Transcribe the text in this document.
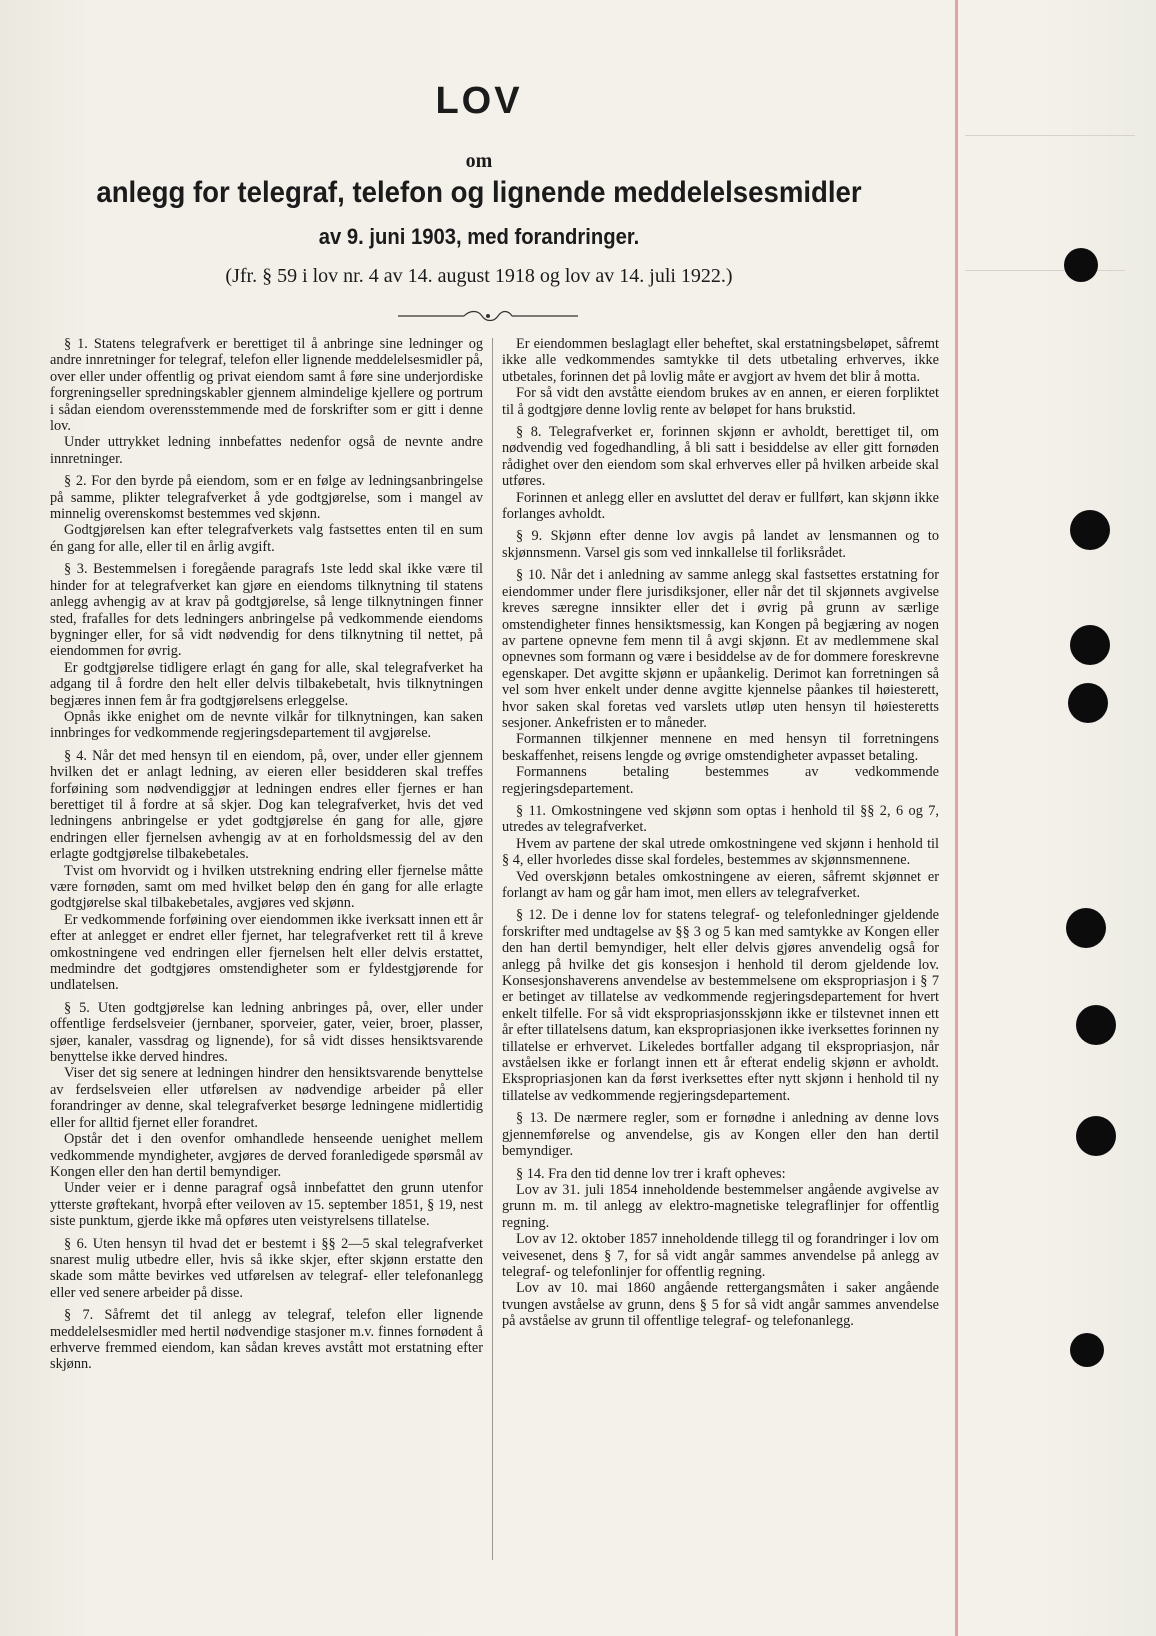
LOV
om
anlegg for telegraf, telefon og lignende meddelelsesmidler
av 9. juni 1903, med forandringer.
(Jfr. § 59 i lov nr. 4 av 14. august 1918 og lov av 14. juli 1922.)

§ 1. Statens telegrafverk er berettiget til å anbringe sine ledninger og andre innretninger for telegraf, telefon eller lignende meddelelsesmidler på, over eller under offentlig og privat eiendom samt å føre sine underjordiske forgreningseller spredningskabler gjennem almindelige kjellere og portrum i sådan eiendom overensstemmende med de forskrifter som er gitt i denne lov.

Under uttrykket ledning innbefattes nedenfor også de nevnte andre innretninger.

§ 2. For den byrde på eiendom, som er en følge av ledningsanbringelse på samme, plikter telegrafverket å yde godtgjørelse, som i mangel av minnelig overenskomst bestemmes ved skjønn.

Godtgjørelsen kan efter telegrafverkets valg fastsettes enten til en sum én gang for alle, eller til en årlig avgift.

§ 3. Bestemmelsen i foregående paragrafs 1ste ledd skal ikke være til hinder for at telegrafverket kan gjøre en eiendoms tilknytning til statens anlegg avhengig av at krav på godtgjørelse, så lenge tilknytningen finner sted, frafalles for dets ledningers anbringelse på vedkommende eiendoms bygninger eller, for så vidt nødvendig for dens tilknytning til nettet, på eiendommen for øvrig.

Er godtgjørelse tidligere erlagt én gang for alle, skal telegrafverket ha adgang til å fordre den helt eller delvis tilbakebetalt, hvis tilknytningen begjæres innen fem år fra godtgjørelsens erleggelse.

Opnås ikke enighet om de nevnte vilkår for tilknytningen, kan saken innbringes for vedkommende regjeringsdepartement til avgjørelse.

§ 4. Når det med hensyn til en eiendom, på, over, under eller gjennem hvilken det er anlagt ledning, av eieren eller besidderen skal treffes forføining som nødvendiggjør at ledningen endres eller fjernes er han berettiget til å fordre at så skjer. Dog kan telegrafverket, hvis det ved ledningens anbringelse er ydet godtgjørelse én gang for alle, gjøre endringen eller fjernelsen avhengig av at en forholdsmessig del av den erlagte godtgjørelse tilbakebetales.

Tvist om hvorvidt og i hvilken utstrekning endring eller fjernelse måtte være fornøden, samt om med hvilket beløp den én gang for alle erlagte godtgjørelse skal tilbakebetales, avgjøres ved skjønn.

Er vedkommende forføining over eiendommen ikke iverksatt innen ett år efter at anlegget er endret eller fjernet, har telegrafverket rett til å kreve omkostningene ved endringen eller fjernelsen helt eller delvis erstattet, medmindre det godtgjøres omstendigheter som er fyldestgjørende for undlatelsen.

§ 5. Uten godtgjørelse kan ledning anbringes på, over, eller under offentlige ferdselsveier (jernbaner, sporveier, gater, veier, broer, plasser, sjøer, kanaler, vassdrag og lignende), for så vidt disses hensiktsvarende benyttelse ikke derved hindres.

Viser det sig senere at ledningen hindrer den hensiktsvarende benyttelse av ferdselsveien eller utførelsen av nødvendige arbeider på eller forandringer av denne, skal telegrafverket besørge ledningene midlertidig eller for alltid fjernet eller forandret.

Opstår det i den ovenfor omhandlede henseende uenighet mellem vedkommende myndigheter, avgjøres de derved foranledigede spørsmål av Kongen eller den han dertil bemyndiger.

Under veier er i denne paragraf også innbefattet den grunn utenfor ytterste grøftekant, hvorpå efter veiloven av 15. september 1851, § 19, nest siste punktum, gjerde ikke må opføres uten veistyrelsens tillatelse.

§ 6. Uten hensyn til hvad det er bestemt i §§ 2—5 skal telegrafverket snarest mulig utbedre eller, hvis så ikke skjer, efter skjønn erstatte den skade som måtte bevirkes ved utførelsen av telegraf- eller telefonanlegg eller ved senere arbeider på disse.

§ 7. Såfremt det til anlegg av telegraf, telefon eller lignende meddelelsesmidler med hertil nødvendige stasjoner m.v. finnes fornødent å erhverve fremmed eiendom, kan sådan kreves avstått mot erstatning efter skjønn.

Er eiendommen beslaglagt eller beheftet, skal erstatningsbeløpet, såfremt ikke alle vedkommendes samtykke til dets utbetaling erhverves, ikke utbetales, forinnen det på lovlig måte er avgjort av hvem det blir å motta.

For så vidt den avståtte eiendom brukes av en annen, er eieren forpliktet til å godtgjøre denne lovlig rente av beløpet for hans brukstid.

§ 8. Telegrafverket er, forinnen skjønn er avholdt, berettiget til, om nødvendig ved fogedhandling, å bli satt i besiddelse av eller gitt fornøden rådighet over den eiendom som skal erhverves eller på hvilken arbeide skal utføres.

Forinnen et anlegg eller en avsluttet del derav er fullført, kan skjønn ikke forlanges avholdt.

§ 9. Skjønn efter denne lov avgis på landet av lensmannen og to skjønnsmenn. Varsel gis som ved innkallelse til forliksrådet.

§ 10. Når det i anledning av samme anlegg skal fastsettes erstatning for eiendommer under flere jurisdiksjoner, eller når det til skjønnets avgivelse kreves særegne innsikter eller det i øvrig på grunn av særlige omstendigheter finnes hensiktsmessig, kan Kongen på begjæring av nogen av partene opnevne fem menn til å avgi skjønn. Et av medlemmene skal opnevnes som formann og være i besiddelse av de for dommere foreskrevne egenskaper. Det avgitte skjønn er upåankelig. Derimot kan forretningen så vel som hver enkelt under denne avgitte kjennelse påankes til høiesterett, hvor saken skal foretas ved varslets utløp uten hensyn til høiesteretts sesjoner. Ankefristen er to måneder.

Formannen tilkjenner mennene en med hensyn til forretningens beskaffenhet, reisens lengde og øvrige omstendigheter avpasset betaling.

Formannens betaling bestemmes av vedkommende regjeringsdepartement.

§ 11. Omkostningene ved skjønn som optas i henhold til §§ 2, 6 og 7, utredes av telegrafverket.

Hvem av partene der skal utrede omkostningene ved skjønn i henhold til § 4, eller hvorledes disse skal fordeles, bestemmes av skjønnsmennene.

Ved overskjønn betales omkostningene av eieren, såfremt skjønnet er forlangt av ham og går ham imot, men ellers av telegrafverket.

§ 12. De i denne lov for statens telegraf- og telefonledninger gjeldende forskrifter med undtagelse av §§ 3 og 5 kan med samtykke av Kongen eller den han dertil bemyndiger, helt eller delvis gjøres anvendelig også for anlegg på hvilke det gis konsesjon i henhold til derom gjeldende lov. Konsesjonshaverens anvendelse av bestemmelsene om ekspropriasjon i § 7 er betinget av tillatelse av vedkommende regjeringsdepartement for hvert enkelt tilfelle. For så vidt ekspropriasjonsskjønn ikke er tilstevnet innen ett år efter tillatelsens datum, kan ekspropriasjonen ikke iverksettes forinnen ny tillatelse er erhvervet. Likeledes bortfaller adgang til ekspropriasjon, når avståelsen ikke er forlangt innen ett år efterat endelig skjønn er avholdt. Ekspropriasjonen kan da først iverksettes efter nytt skjønn i henhold til ny tillatelse av vedkommende regjeringsdepartement.

§ 13. De nærmere regler, som er fornødne i anledning av denne lovs gjennemførelse og anvendelse, gis av Kongen eller den han dertil bemyndiger.

§ 14. Fra den tid denne lov trer i kraft opheves:

Lov av 31. juli 1854 inneholdende bestemmelser angående avgivelse av grunn m. m. til anlegg av elektro-magnetiske telegraflinjer for offentlig regning.

Lov av 12. oktober 1857 inneholdende tillegg til og forandringer i lov om veivesenet, dens § 7, for så vidt angår sammes anvendelse på anlegg av telegraf- og telefonlinjer for offentlig regning.

Lov av 10. mai 1860 angående rettergangsmåten i saker angående tvungen avståelse av grunn, dens § 5 for så vidt angår sammes anvendelse på avståelse av grunn til offentlige telegraf- og telefonanlegg.
